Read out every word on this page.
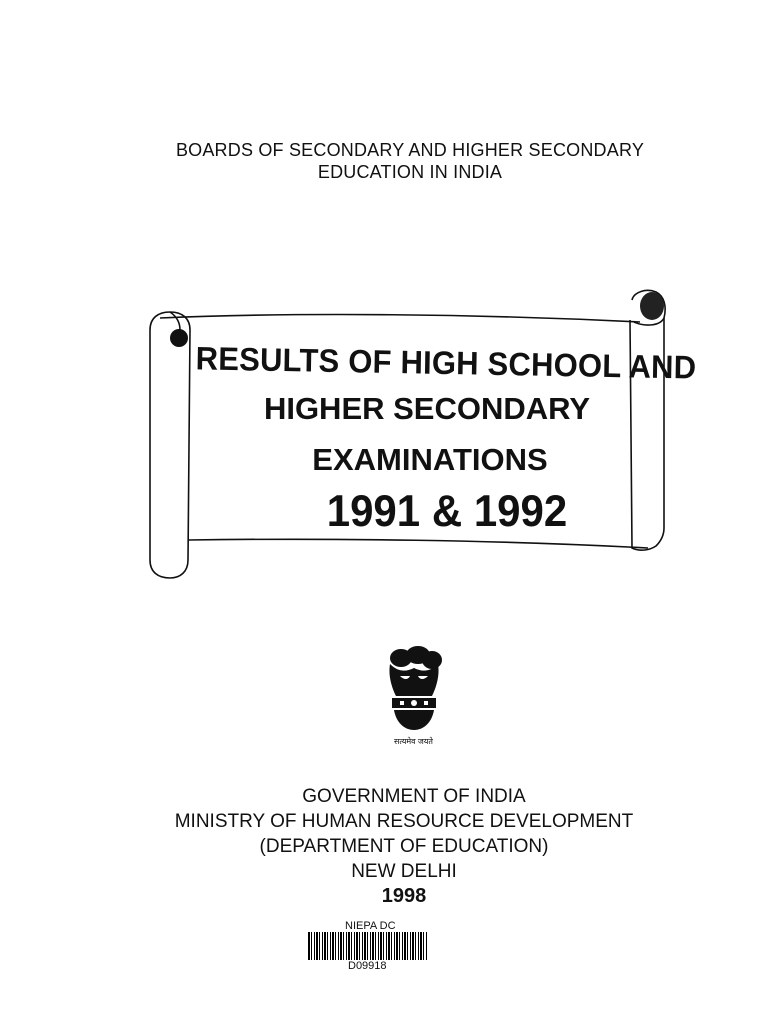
BOARDS OF SECONDARY AND HIGHER SECONDARY
EDUCATION IN INDIA
RESULTS OF HIGH SCHOOL AND
HIGHER SECONDARY
EXAMINATIONS
1991 & 1992
सत्यमेव जयते
GOVERNMENT OF INDIA
MINISTRY OF HUMAN RESOURCE DEVELOPMENT
(DEPARTMENT OF EDUCATION)
NEW DELHI
1998
NIEPA DC
D09918
